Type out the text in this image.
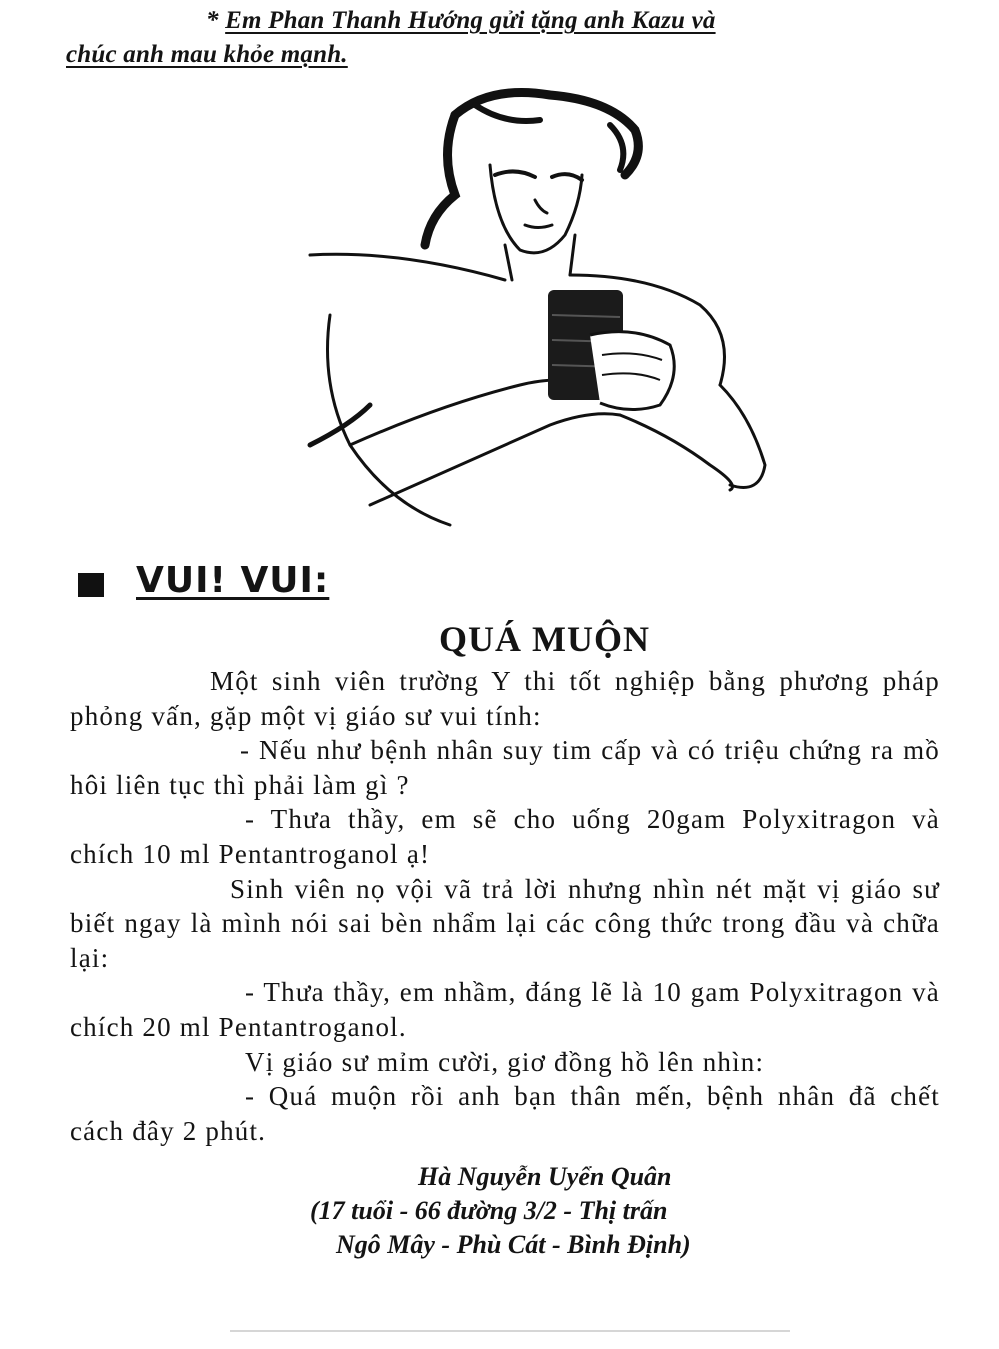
* Em Phan Thanh Hướng gửi tặng anh Kazu và
chúc anh mau khỏe mạnh.
VUI! VUI:
QUÁ MUỘN

Một sinh viên trường Y thi tốt nghiệp bằng phương pháp phỏng vấn, gặp một vị giáo sư vui tính:

- Nếu như bệnh nhân suy tim cấp và có triệu chứng ra mồ hôi liên tục thì phải làm gì ?

- Thưa thầy, em sẽ cho uống 20gam Polyxitragon và chích 10 ml Pentantroganol ạ!

Sinh viên nọ vội vã trả lời nhưng nhìn nét mặt vị giáo sư biết ngay là mình nói sai bèn nhẩm lại các công thức trong đầu và chữa lại:

- Thưa thầy, em nhầm, đáng lẽ là 10 gam Polyxitragon và chích 20 ml Pentantroganol.

Vị giáo sư mỉm cười, giơ đồng hồ lên nhìn:

- Quá muộn rồi anh bạn thân mến, bệnh nhân đã chết cách đây 2 phút.

Hà Nguyễn Uyển Quân
(17 tuổi - 66 đường 3/2 - Thị trấn
Ngô Mây - Phù Cát - Bình Định)
